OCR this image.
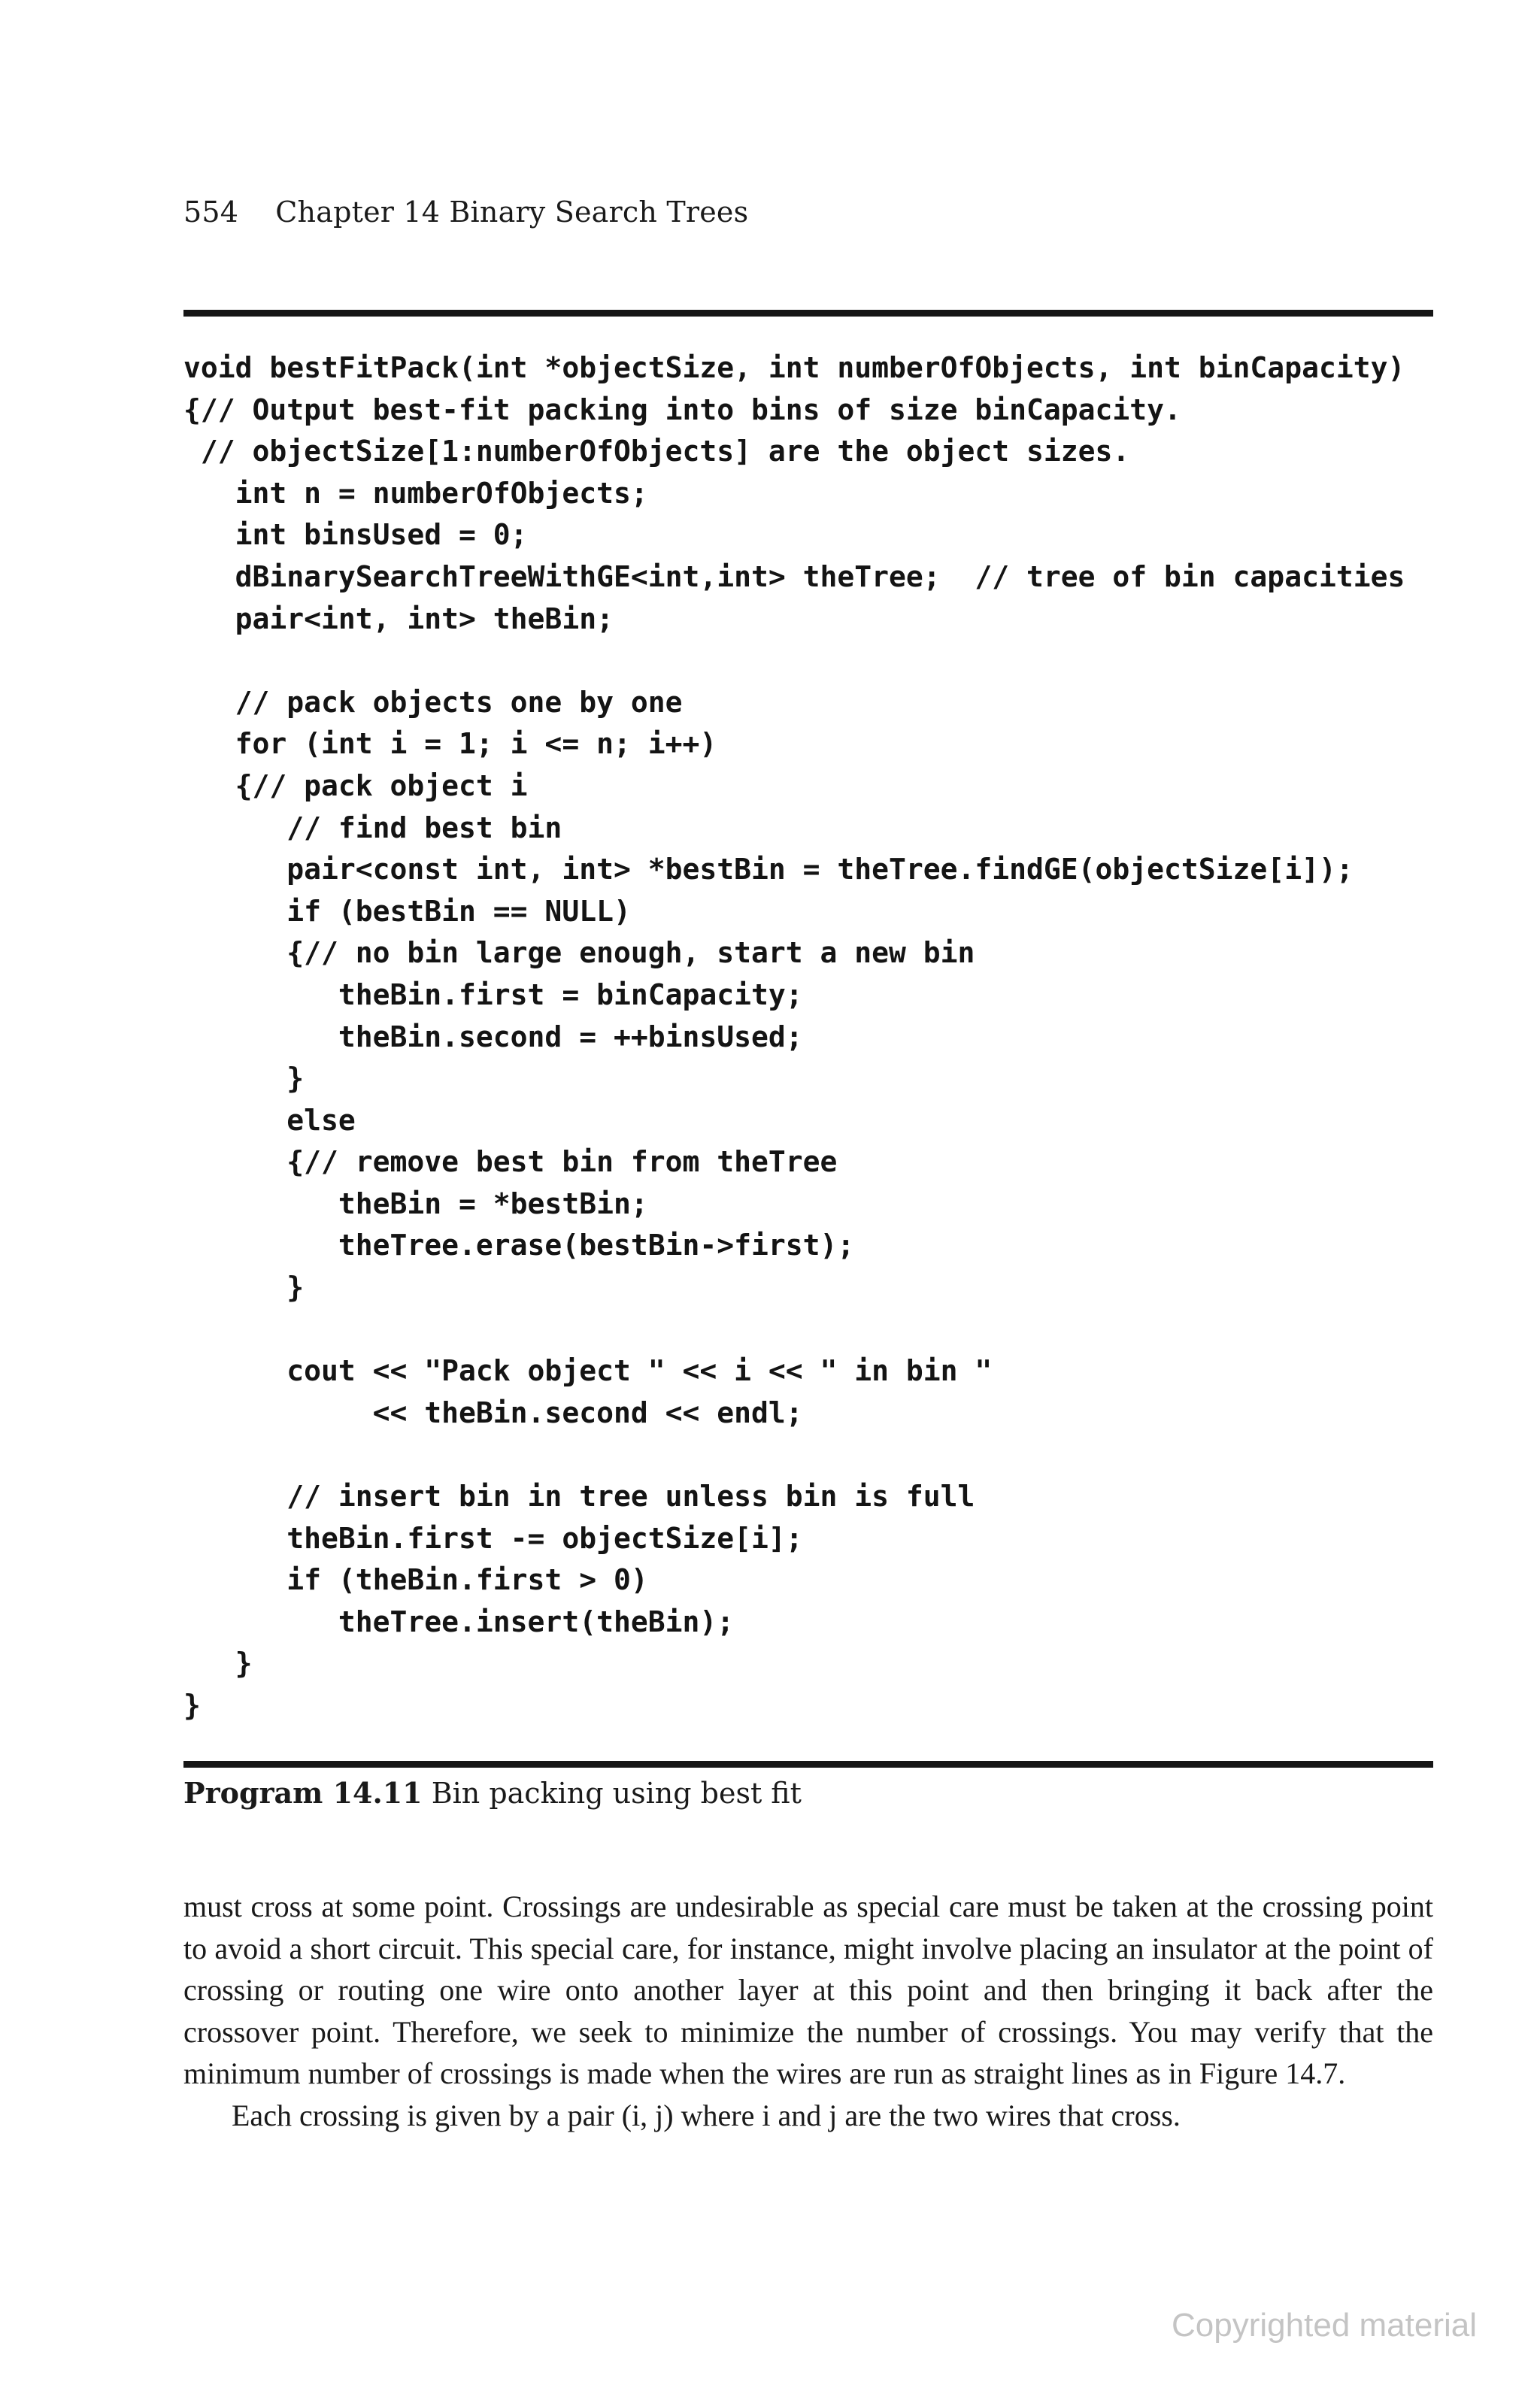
554 Chapter 14 Binary Search Trees
void bestFitPack(int *objectSize, int numberOfObjects, int binCapacity)
{// Output best-fit packing into bins of size binCapacity.
// objectSize[1:numberOfObjects] are the object sizes.
int n = numberOfObjects;
int binsUsed = 0;
dBinarySearchTreeWithGE<int,int> theTree;  // tree of bin capacities
pair<int, int> theBin;
// pack objects one by one
for (int i = 1; i <= n; i++)
{// pack object i
// find best bin
pair<const int, int> *bestBin = theTree.findGE(objectSize[i]);
if (bestBin == NULL)
{// no bin large enough, start a new bin
theBin.first = binCapacity;
theBin.second = ++binsUsed;
}
else
{// remove best bin from theTree
theBin = *bestBin;
theTree.erase(bestBin->first);
}
cout << "Pack object " << i << " in bin "
<< theBin.second << endl;
// insert bin in tree unless bin is full
theBin.first -= objectSize[i];
if (theBin.first > 0)
theTree.insert(theBin);
}
}
Program 14.11 Bin packing using best fit

must cross at some point. Crossings are undesirable as special care must be taken at the crossing point to avoid a short circuit. This special care, for instance, might involve placing an insulator at the point of crossing or routing one wire onto another layer at this point and then bringing it back after the crossover point. Therefore, we seek to minimize the number of crossings. You may verify that the minimum number of crossings is made when the wires are run as straight lines as in Figure 14.7.

Each crossing is given by a pair (i, j) where i and j are the two wires that cross.

Copyrighted material
